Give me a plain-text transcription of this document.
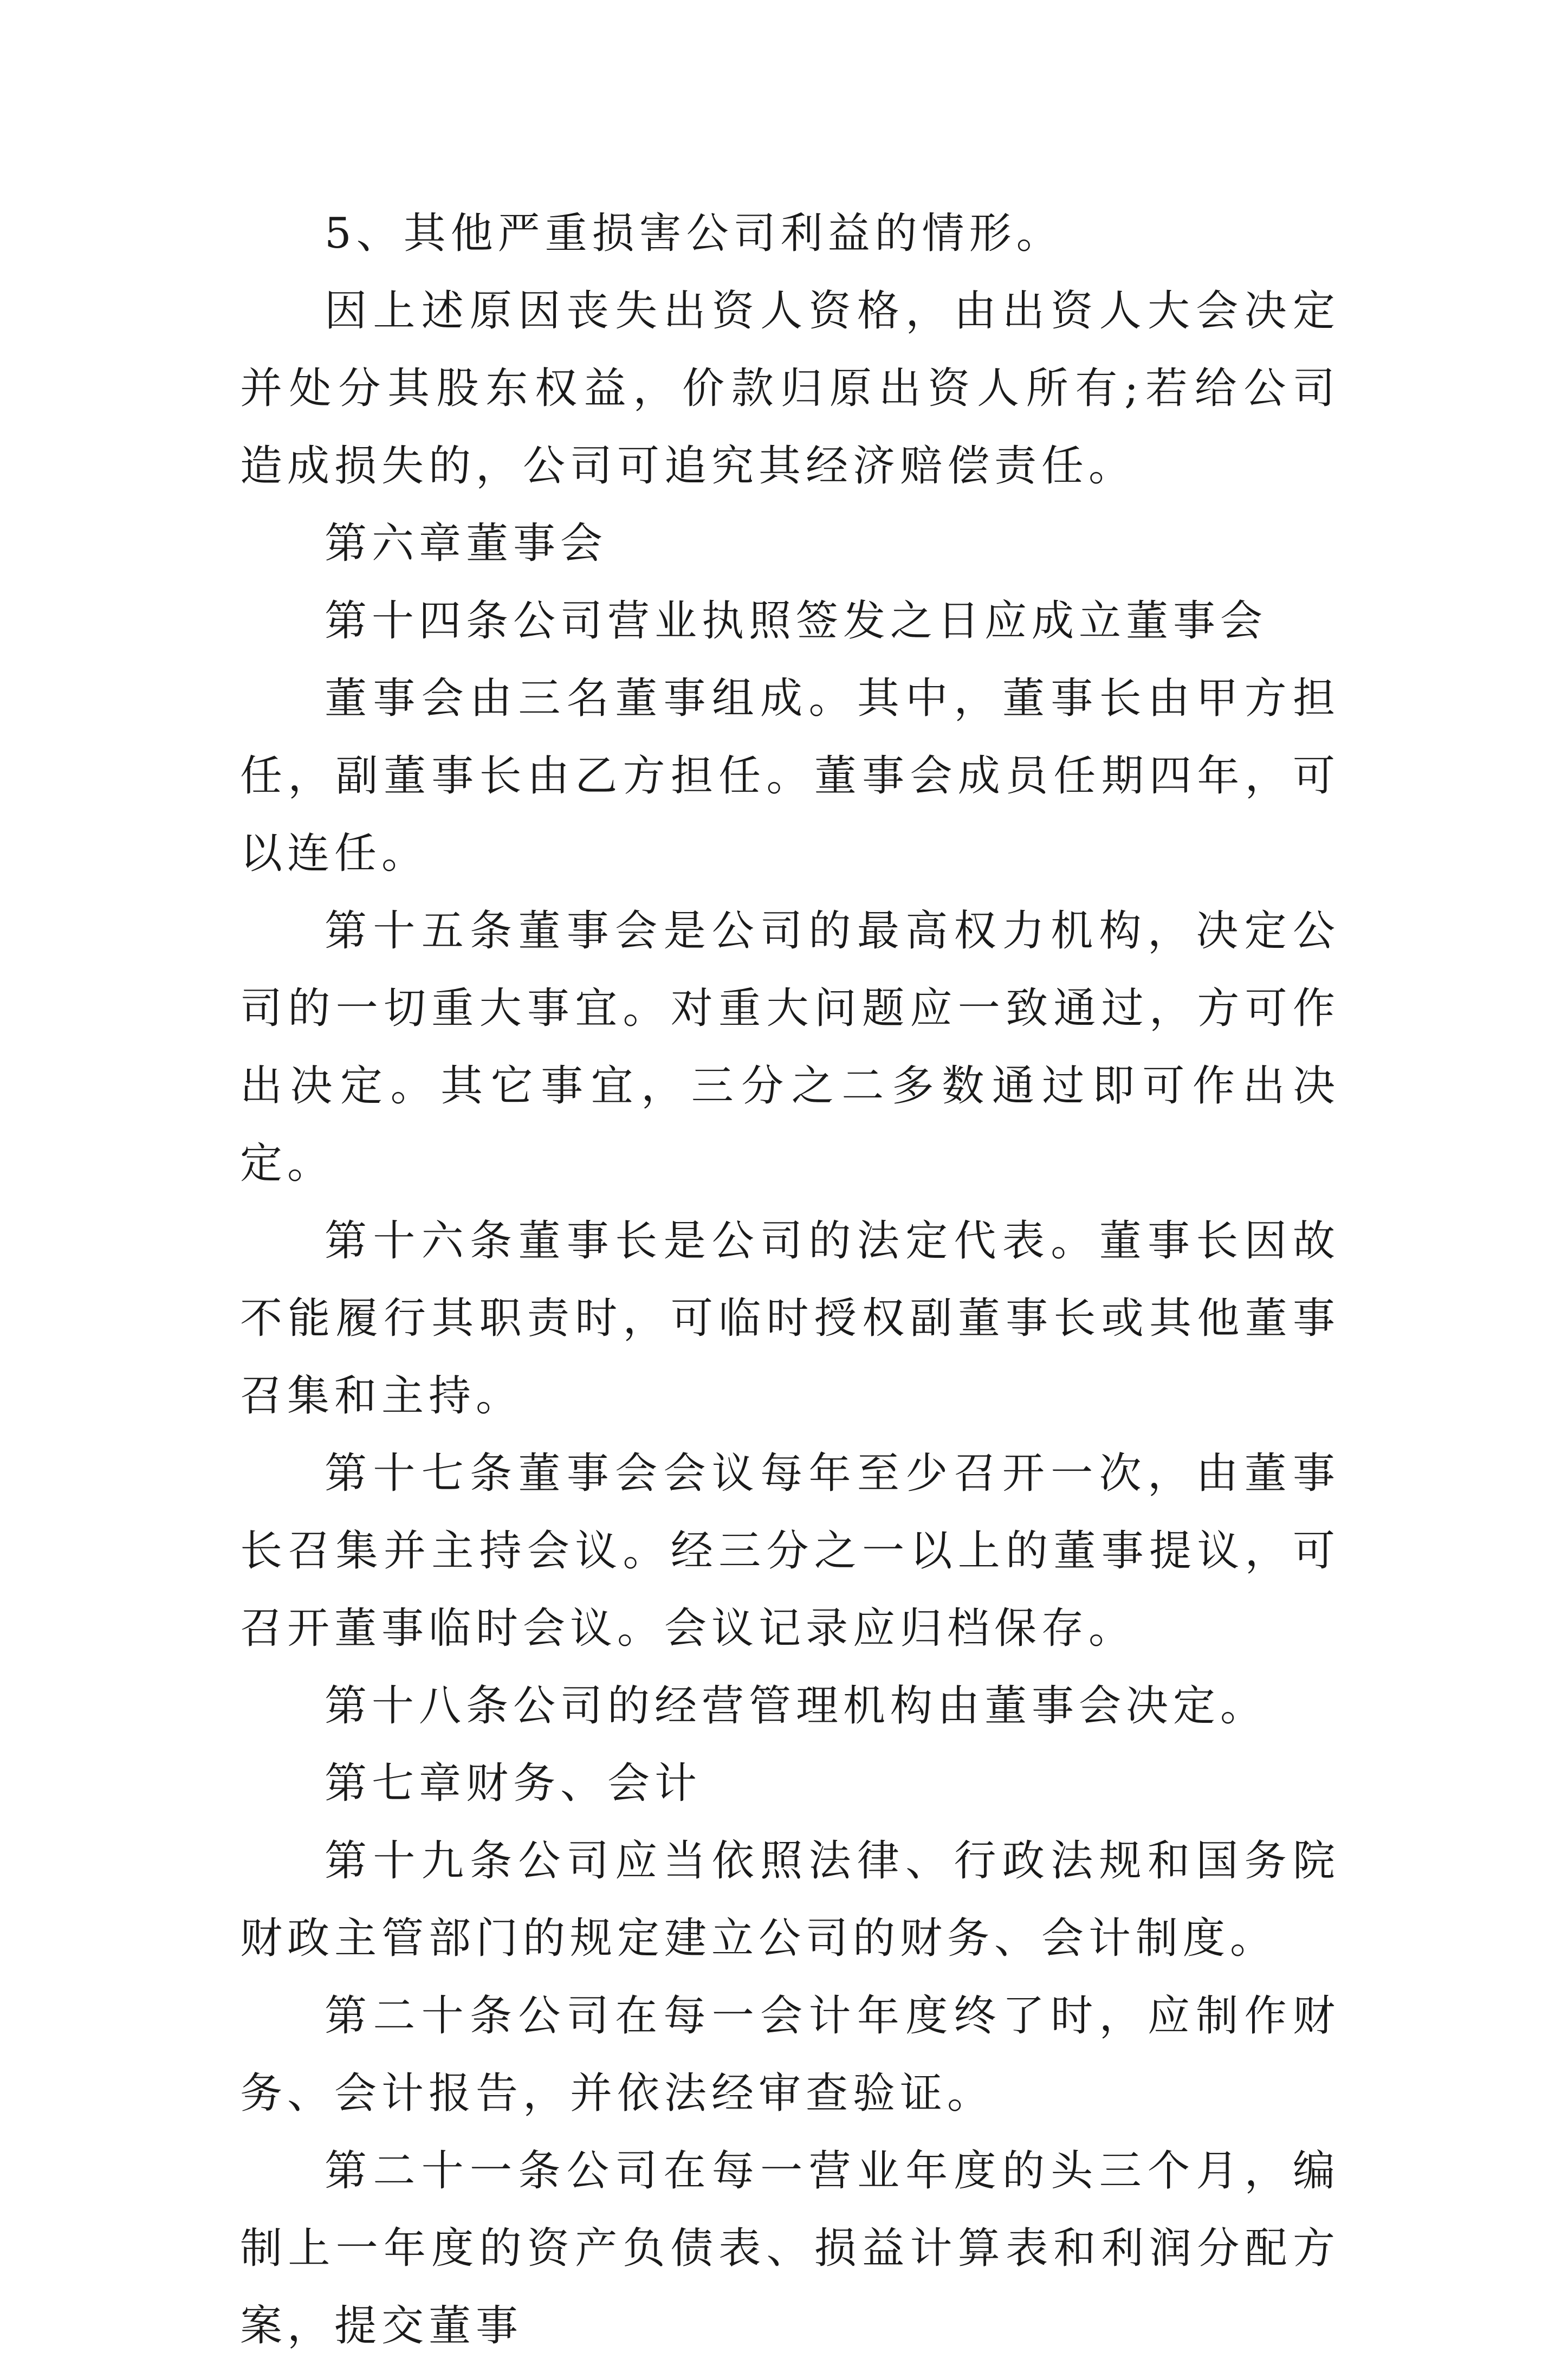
5、其他严重损害公司利益的情形。

因上述原因丧失出资人资格，由出资人大会决定并处分其股东权益，价款归原出资人所有;若给公司造成损失的，公司可追究其经济赔偿责任。

第六章董事会

第十四条公司营业执照签发之日应成立董事会

董事会由三名董事组成。其中，董事长由甲方担任，副董事长由乙方担任。董事会成员任期四年，可以连任。

第十五条董事会是公司的最高权力机构，决定公司的一切重大事宜。对重大问题应一致通过，方可作出决定。其它事宜，三分之二多数通过即可作出决定。

第十六条董事长是公司的法定代表。董事长因故不能履行其职责时，可临时授权副董事长或其他董事召集和主持。

第十七条董事会会议每年至少召开一次，由董事长召集并主持会议。经三分之一以上的董事提议，可召开董事临时会议。会议记录应归档保存。

第十八条公司的经营管理机构由董事会决定。

第七章财务、会计

第十九条公司应当依照法律、行政法规和国务院财政主管部门的规定建立公司的财务、会计制度。

第二十条公司在每一会计年度终了时，应制作财务、会计报告，并依法经审查验证。

第二十一条公司在每一营业年度的头三个月，编制上一年度的资产负债表、损益计算表和利润分配方案，提交董事
